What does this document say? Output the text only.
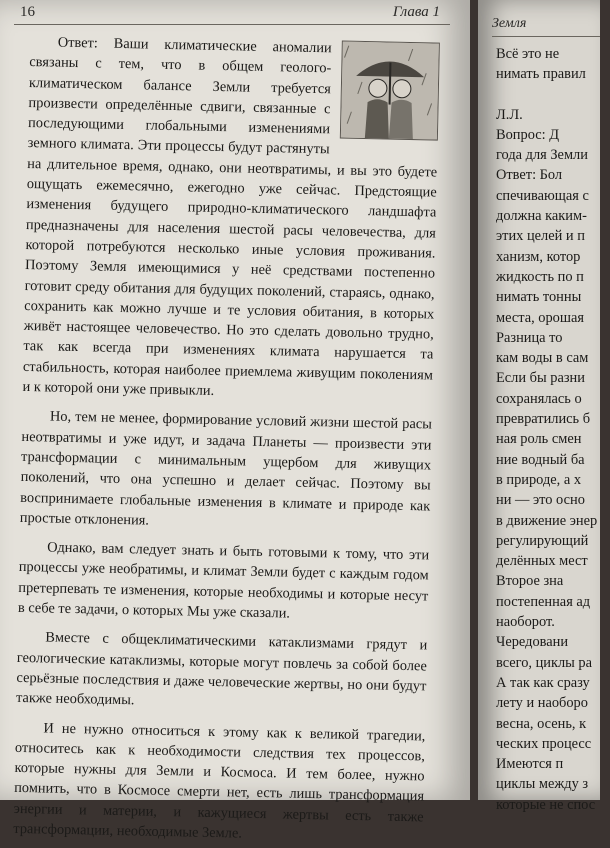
16	Глава 1

Ответ: Ваши климатические аномалии связаны с тем, что в общем геолого-климатическом балансе Земли требуется произвести определённые сдвиги, связанные с последующими глобальными изменениями земного климата. Эти процессы будут растянуты на длительное время, однако, они неотвратимы, и вы это будете ощущать ежемесячно, ежегодно уже сейчас. Предстоящие изменения будущего природно-климатического ландшафта предназначены для населения шестой расы человечества, для которой потребуются несколько иные условия проживания. Поэтому Земля имеющимися у неё средствами постепенно готовит среду обитания для будущих поколений, стараясь, однако, сохранить как можно лучше и те условия обитания, в которых живёт настоящее человечество. Но это сделать довольно трудно, так как всегда при изменениях климата нарушается та стабильность, которая наиболее приемлема живущим поколениям и к которой они уже привыкли.

Но, тем не менее, формирование условий жизни шестой расы неотвратимы и уже идут, и задача Планеты — произвести эти трансформации с минимальным ущербом для живущих поколений, что она успешно и делает сейчас. Поэтому вы воспринимаете глобальные изменения в климате и природе как простые отклонения.

Однако, вам следует знать и быть готовыми к тому, что эти процессы уже необратимы, и климат Земли будет с каждым годом претерпевать те изменения, которые необходимы и которые несут в себе те задачи, о которых Мы уже сказали.

Вместе с общеклиматическими катаклизмами грядут и геологические катаклизмы, которые могут повлечь за собой более серьёзные последствия и даже человеческие жертвы, но они будут также необходимы.

И не нужно относиться к этому как к великой трагедии, относитесь как к необходимости следствия тех процессов, которые нужны для Земли и Космоса. И тем более, нужно помнить, что в Космосе смерти нет, есть лишь трансформация энергии и материи, и кажущиеся жертвы есть также трансформации, необходимые Земле.

Земля
Всё это не
нимать правил
Л.Л.
Вопрос: Д
года для Земли
Ответ: Бол
спечивающая с
должна каким-
этих целей и п
ханизм, котор
жидкость по п
нимать тонны
места, орошая
Разница то
кам воды в сам
Если бы разни
сохранялась о
превратились б
ная роль смен
ние водный ба
в природе, а х
ни — это осно
в движение энер
регулирующий
делённых мест
Второе зна
постепенная ад
наоборот.
Чередовани
всего, циклы ра
А так как сразу
лету и наоборо
весна, осень, к
ческих процесс
Имеются п
циклы между з
которые не спос
